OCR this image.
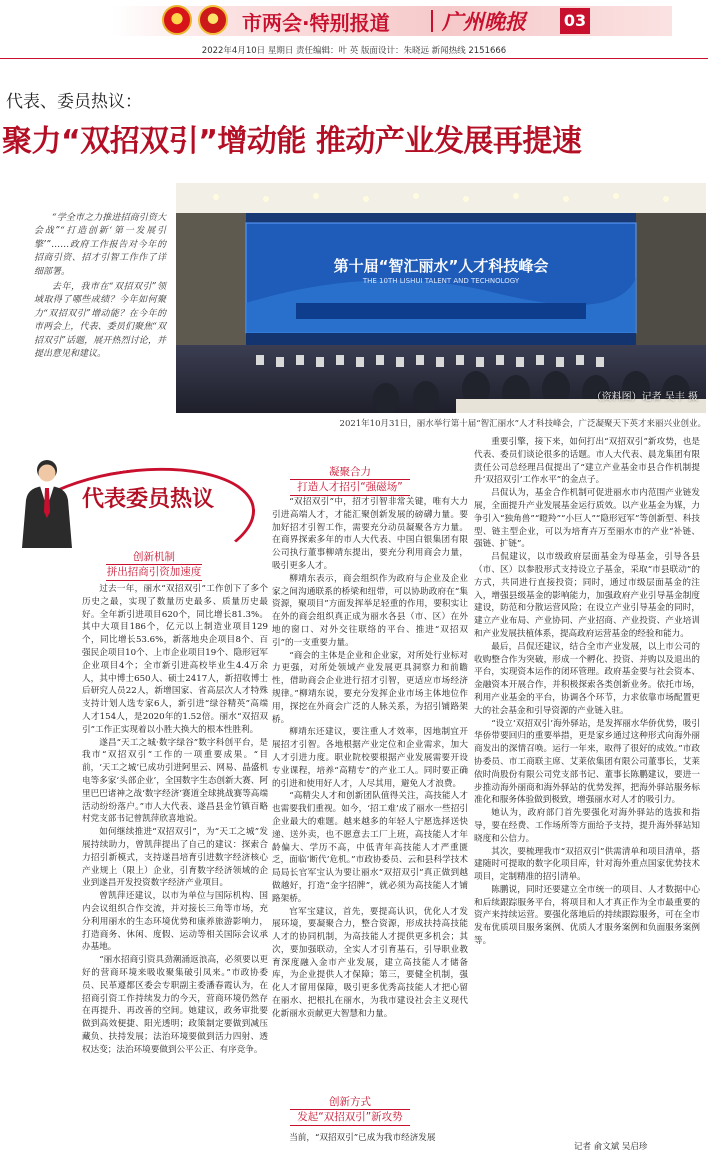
市两会·特别报道 广州晚报 03
2022年4月10日 星期日 责任编辑：叶 英 版面设计：朱晓远 新闻热线 2151666
代表、委员热议：
聚力“双招双引”增动能 推动产业发展再提速

“学全市之力推进招商引资大会战”“打造创新‘第一发展引擎’”……政府工作报告对今年的招商引资、招才引智工作作了详细部署。

去年，我市在“双招双引”领域取得了哪些成绩？今年如何聚力“双招双引”增动能？在今年的市两会上，代表、委员们聚焦“双招双引”话题，展开热烈讨论，并提出意见和建议。

第十届“智汇丽水”人才科技峰会
THE 10TH LISHUI TALENT AND TECHNOLOGY
（资料图）记者 吴丰 摄
2021年10月31日，丽水举行第十届“智汇丽水”人才科技峰会，广泛凝聚天下英才来丽兴业创业。
代表委员热议
创新机制
拼出招商引资加速度
凝聚合力
打造人才招引“强磁场”
创新方式
发起“双招双引”新攻势

过去一年，丽水“双招双引”工作创下了多个历史之最，实现了数量历史最多、质量历史最好。全年新引进项目620个，同比增长81.3%。其中大项目186个，亿元以上制造业项目129个，同比增长53.6%，新落地央企项目8个、百强民企项目10个、上市企业项目19个、隐形冠军企业项目4个；全市新引进高校毕业生4.4万余人，其中博士650人、硕士2417人，新招收博士后研究人员22人，新增国家、省高层次人才特殊支持计划人选专家6人，新引进“绿谷精英”高端人才154人，是2020年的1.52倍。丽水“双招双引”工作正实现着以小胜大换大的根本性胜利。

遂昌“天工之城·数字绿谷”数字科创平台，是我市“双招双引”工作的一项重要成果。“目前，‘天工之城’已成功引进阿里云、网易、晶盛机电等多家‘头部企业’，全国数字生态创新大赛、阿里巴巴诸神之战‘数字经济’赛道全球挑战赛等高端活动纷纷落户。”市人大代表、遂昌县金竹镇百略村党支部书记曾凯萍欣喜地说。

如何继续推进“双招双引”，为“天工之城”发展持续助力，曾凯萍提出了自己的建议：探索合力招引新模式，支持遂昌培育引进数字经济核心产业规上（限上）企业，引育数字经济领域的企业到遂昌开发投资数字经济产业项目。

曾凯萍还建议，以市为单位与国际机构、国内会议组织合作交流，并对接长三角等市场，充分利用丽水的生态环境优势和康养旅游影响力，打造商务、休闲、度假、运动等相关国际会议承办基地。

“丽水招商引资具劲潮涌返浪高，必须要以更好的营商环境来吸收聚集破引凤来。”市政协委员、民革遵都区委会专职副主委潘春霞认为，在招商引资工作持续发力的今天，营商环境仍然存在再提升、再改善的空间。她建议，政务审批要做到高效便捷、阳光透明；政策制定要做到减压藏负、扶持发展；法治环境要做到活力四射、透权达变；法治环境要做到公平公正、有序竞争。

“双招双引”中，招才引智非常关键，唯有大力引进高端人才，才能汇聚创新发展的磅礴力量。要加好招才引智工作，需要充分动员凝聚各方力量。在商界探索多年的市人大代表、中国白银集团有限公司执行董事柳靖东提出，要充分利用商会力量，吸引更多人才。

柳靖东表示，商会组织作为政府与企业及企业家之间沟通联系的桥梁和纽带，可以协助政府在“集资源，聚项目”方面发挥举足轻重的作用，要积实让在外的商会组织真正成为丽水各县（市、区）在外地的窗口、对外交往联络的平台、推进“双招双引”的一支重要力量。

“商会的主体是企业和企业家，对所处行业标对力更强，对所处领域产业发展更具洞察力和前瞻性，借助商会企业进行招才引智，更适应市场经济规律。”柳靖东说，要充分发挥企业市场主体地位作用，探挖在外商会广泛的人脉关系，为招引铺路架桥。

柳靖东还建议，要注重人才效率，因地制宜开展招才引智。各地根据产业定位和企业需求，加大人才引进力度。职业院校要根据产业发展需要开设专业课程，培养“高精专”的产业工人。同时要正确的引进和使用好人才，人尽其用，避免人才浪费。

“高精尖人才和创新团队值得关注，高技能人才也需要我们重视。如今，‘招工难’成了丽水一些招引企业最大的难题。越来越多的年轻人宁愿选择送快递、送外卖，也不愿意去工厂上班，高技能人才年龄偏大、学历不高，中低青年高技能人才严重匮乏，面临‘断代’危机。”市政协委员、云和县科学技术局局长官军宝认为要让丽水“双招双引”真正做到越做越好，打造“金字招牌”，就必须为高技能人才铺路架桥。

官军宝建议，首先，要提高认识，优化人才发展环境，要凝聚合力，整合资源，形成扶持高技能人才的协同机制，为高技能人才提供更多机会；其次，要加强联动，全实人才引育基石，引导职业教育深度融入金市产业发展，建立高技能人才储备库，为企业提供人才保障；第三，要健全机制，强化人才留用保障，吸引更多优秀高技能人才把心留在丽水、把根扎在丽水，为我市建设社会主义现代化新丽水贡献更大智慧和力量。

当前，“双招双引”已成为我市经济发展

重要引擎，接下来，如何打出“双招双引”新攻势，也是代表、委员们谈论很多的话题。市人大代表、晨龙集团有限责任公司总经理吕侃提出了“建立产业基金市县合作机制提升‘双招双引’工作水平”的金点子。

吕侃认为，基金合作机制可促进丽水市内范围产业链发展，全面提升产业发展基金运行质效。以产业基金为媒，力争引入“独角兽”“瞪羚”“小巨人”“隐形冠军”等创新型、科技型、链主型企业，可以为培育卉万至丽水市的产业“补链、强链、扩链”。

吕侃建议，以市级政府层面基金为母基金，引导各县（市、区）以参股形式支持设立子基金，采取“市县联动”的方式，共同进行直接投资；同时，通过市级层面基金的注入，增强县级基金的影响能力，加强政府产业引导基金制度建设，防范和分散运营风险；在设立产业引导基金的同时，建立产业布局、产业协同、产业招商、产业投资、产业培训和产业发展扶植体系，提高政府运营基金的经验和能力。

最后，吕侃还建议，结合全市产业发展，以上市公司的收购整合作为突破，形成一个孵化、投资、并购以及退出的平台，实现资本运作的闭环管理。政府基金要与社会资本、金融资本开展合作，并积极探索各类创新业务。依托市场，利用产业基金的平台，协调各个环节，力求依靠市场配置更大的社会基金和引导资源的产业链入驻。

“设立‘双招双引’海外驿站，是发挥丽水华侨优势，吸引华侨带要回归的重要举措，更是家乡通过这种形式向海外丽商发出的深情召唤。运行一年来，取得了很好的成效。”市政协委员、市工商联主席、艾莱依集团有限公司董事长，艾莱依时尚股份有限公司党支部书记、董事长陈鹏建议，要进一步推动海外丽商和海外驿站的优势发挥，把海外驿站服务标准化和服务体验做到极致，增强丽水对人才的吸引力。

她认为，政府部门首先要强化对海外驿站的选拔和指导，要在经费、工作场所等方面给予支持，提升海外驿站知晓度和公信力。

其次，要梳理我市“双招双引”供需清单和项目清单，搭建随时可提取的数字化项目库，针对海外重点国家优势技术项目，定制精准的招引清单。

陈鹏说，同时还要建立全市统一的项目、人才数据中心和后续跟踪服务平台，将项目和人才真正作为全市最重要的资产来持续运营。要强化落地后的持续跟踪服务，可在全市发布优质项目服务案例、优质人才服务案例和负面服务案例等。

记者 俞文斌 吴启珍
